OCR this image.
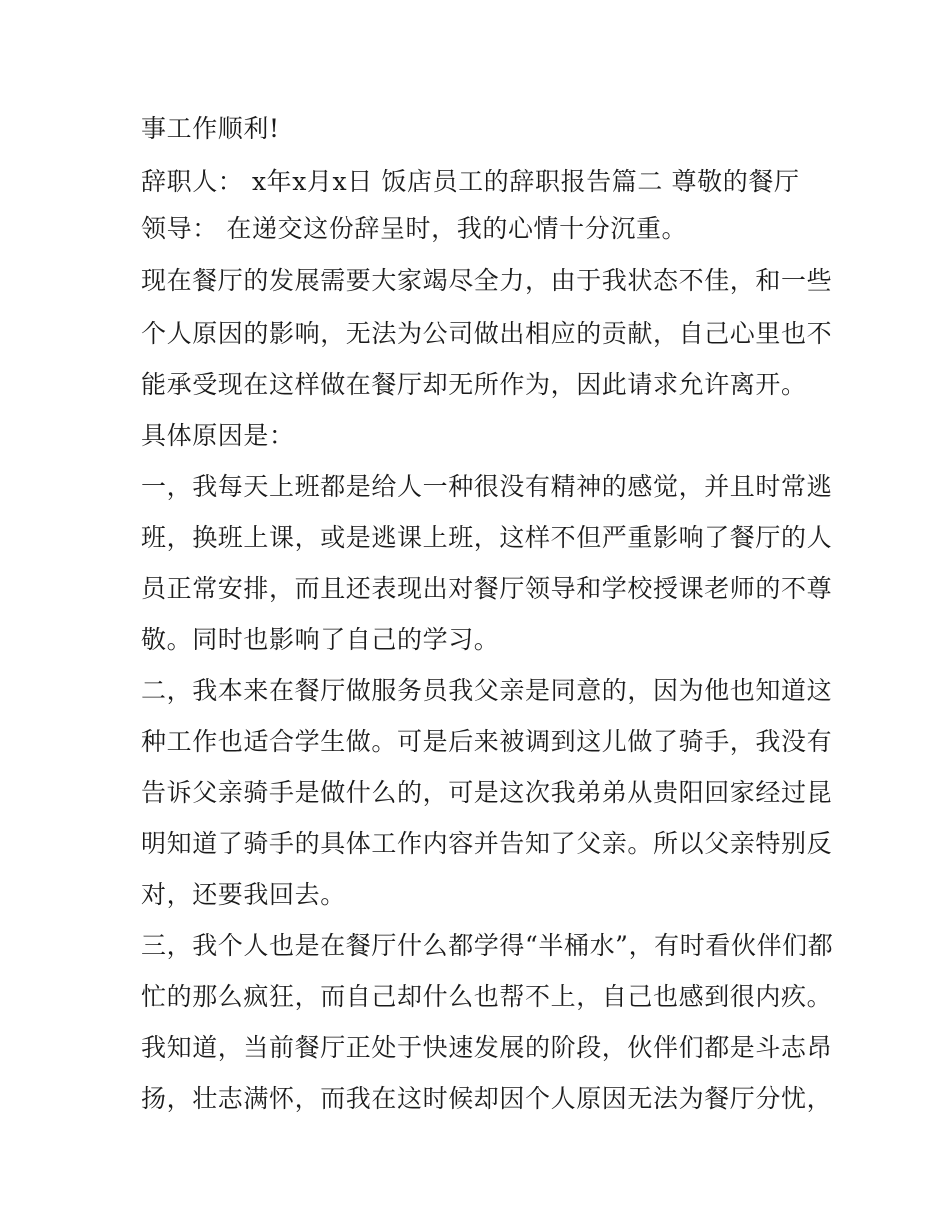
事工作顺利!
辞职人： x年x月x日 饭店员工的辞职报告篇二 尊敬的餐厅
领导： 在递交这份辞呈时，我的心情十分沉重。
现在餐厅的发展需要大家竭尽全力，由于我状态不佳，和一些
个人原因的影响，无法为公司做出相应的贡献，自己心里也不
能承受现在这样做在餐厅却无所作为，因此请求允许离开。
具体原因是：
一，我每天上班都是给人一种很没有精神的感觉，并且时常逃
班，换班上课，或是逃课上班，这样不但严重影响了餐厅的人
员正常安排，而且还表现出对餐厅领导和学校授课老师的不尊
敬。同时也影响了自己的学习。
二，我本来在餐厅做服务员我父亲是同意的，因为他也知道这
种工作也适合学生做。可是后来被调到这儿做了骑手，我没有
告诉父亲骑手是做什么的，可是这次我弟弟从贵阳回家经过昆
明知道了骑手的具体工作内容并告知了父亲。所以父亲特别反
对，还要我回去。
三，我个人也是在餐厅什么都学得“半桶水”，有时看伙伴们都
忙的那么疯狂，而自己却什么也帮不上，自己也感到很内疚。
我知道，当前餐厅正处于快速发展的阶段，伙伴们都是斗志昂
扬，壮志满怀，而我在这时候却因个人原因无法为餐厅分忧，
